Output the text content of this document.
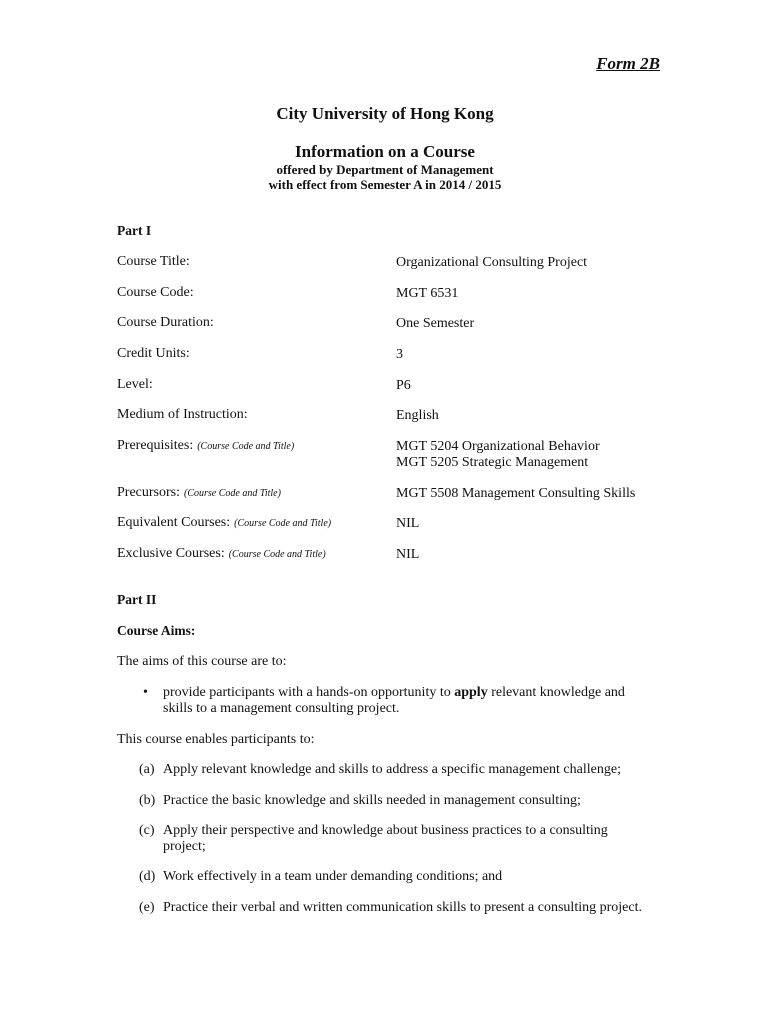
Form 2B
City University of Hong Kong
Information on a Course
offered by Department of Management
with effect from Semester A in 2014 / 2015
Part I
Course Title:	Organizational Consulting Project
Course Code:	MGT 6531
Course Duration:	One Semester
Credit Units:	3
Level:	P6
Medium of Instruction:	English
Prerequisites: (Course Code and Title)	MGT 5204 Organizational Behavior
MGT 5205 Strategic Management
Precursors: (Course Code and Title)	MGT 5508 Management Consulting Skills
Equivalent Courses: (Course Code and Title)	NIL
Exclusive Courses: (Course Code and Title)	NIL
Part II
Course Aims:
The aims of this course are to:
• provide participants with a hands-on opportunity to apply relevant knowledge and
skills to a management consulting project.
This course enables participants to:
(a) Apply relevant knowledge and skills to address a specific management challenge;
(b) Practice the basic knowledge and skills needed in management consulting;
(c) Apply their perspective and knowledge about business practices to a consulting
project;
(d) Work effectively in a team under demanding conditions; and
(e) Practice their verbal and written communication skills to present a consulting project.
